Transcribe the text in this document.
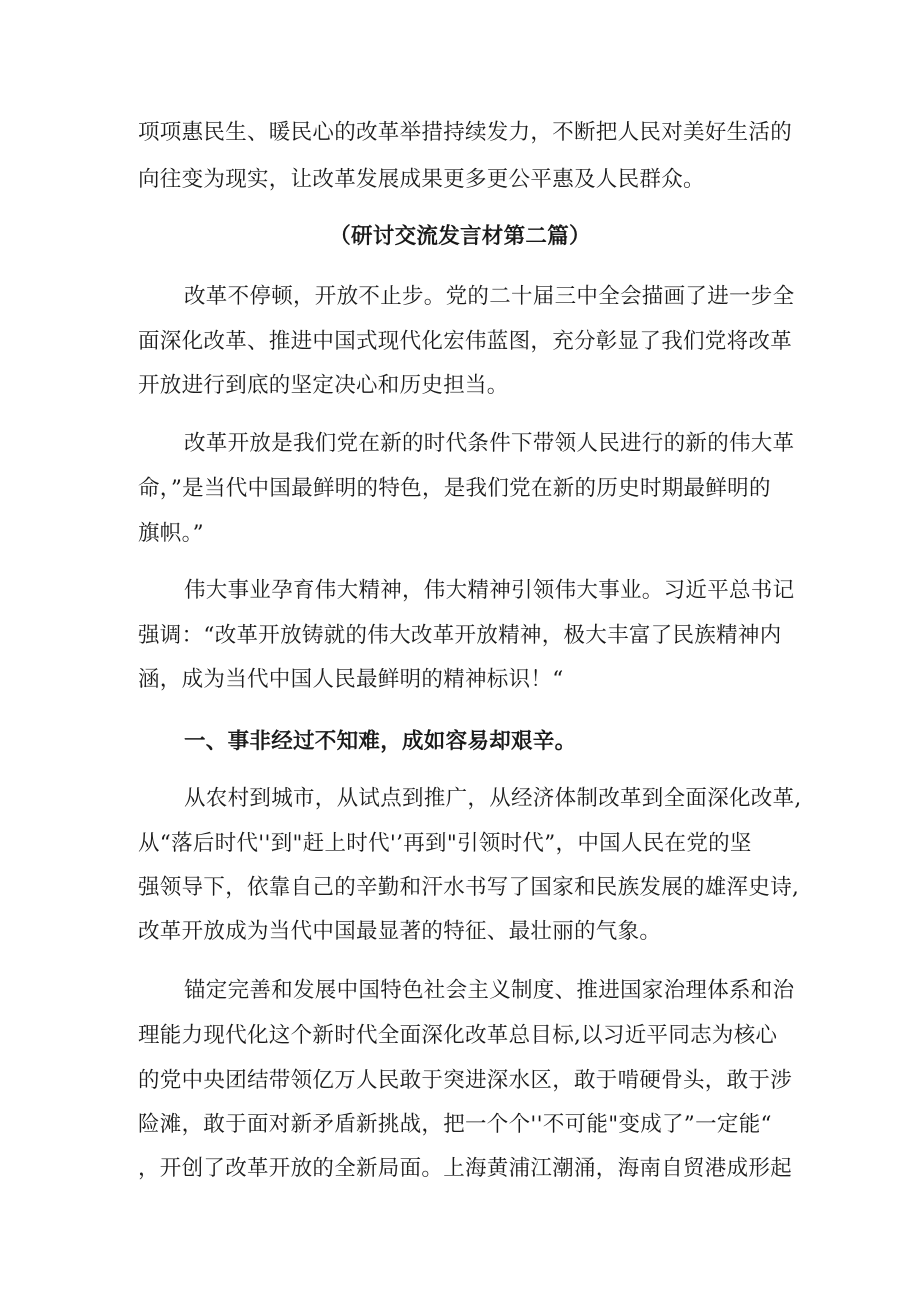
项项惠民生、暖民心的改革举措持续发力，不断把人民对美好生活的
向往变为现实，让改革发展成果更多更公平惠及人民群众。
（研讨交流发言材第二篇）
改革不停顿，开放不止步。党的二十届三中全会描画了进一步全
面深化改革、推进中国式现代化宏伟蓝图，充分彰显了我们党将改革
开放进行到底的坚定决心和历史担当。
改革开放是我们党在新的时代条件下带领人民进行的新的伟大革
命，”是当代中国最鲜明的特色，是我们党在新的历史时期最鲜明的
旗帜。”
伟大事业孕育伟大精神，伟大精神引领伟大事业。习近平总书记
强调：“改革开放铸就的伟大改革开放精神，极大丰富了民族精神内
涵，成为当代中国人民最鲜明的精神标识！“
一、事非经过不知难，成如容易却艰辛。
从农村到城市，从试点到推广，从经济体制改革到全面深化改革,
从“落后时代''到"赶上时代'’再到"引领时代”，中国人民在党的坚
强领导下，依靠自己的辛勤和汗水书写了国家和民族发展的雄浑史诗,
改革开放成为当代中国最显著的特征、最壮丽的气象。
锚定完善和发展中国特色社会主义制度、推进国家治理体系和治
理能力现代化这个新时代全面深化改革总目标,以习近平同志为核心
的党中央团结带领亿万人民敢于突进深水区，敢于啃硬骨头，敢于涉
险滩，敢于面对新矛盾新挑战，把一个个''不可能"变成了”一定能“
，开创了改革开放的全新局面。上海黄浦江潮涌，海南自贸港成形起
